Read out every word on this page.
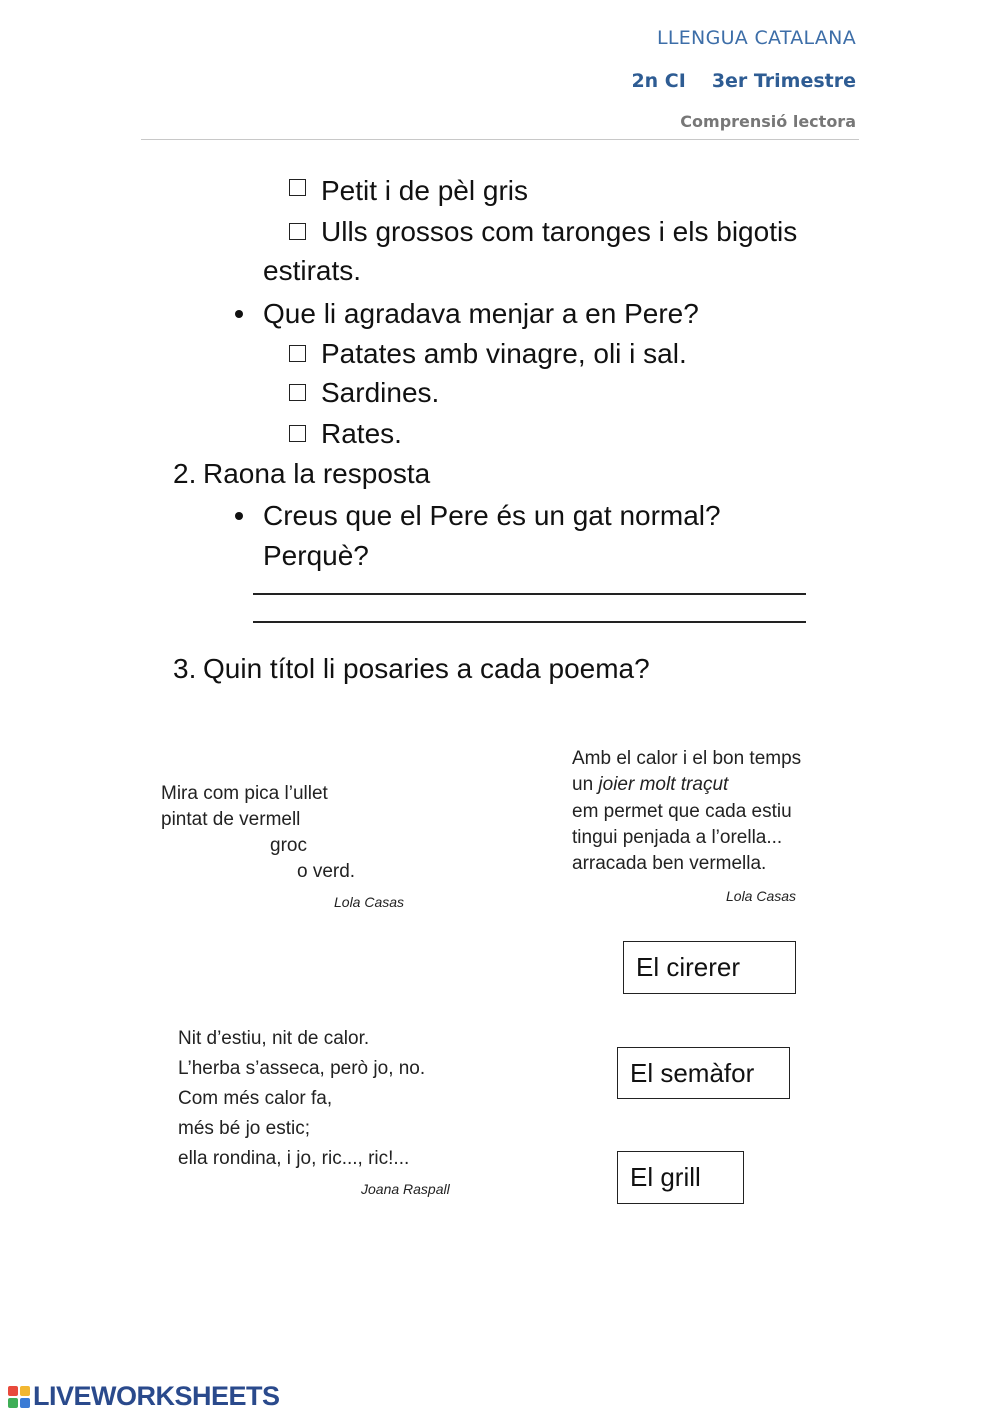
LLENGUA CATALANA
2n CI 3er Trimestre
Comprensió lectora
Petit i de pèl gris
Ulls grossos com taronges i els bigotis
estirats.
Que li agradava menjar a en Pere?
Patates amb vinagre, oli i sal.
Sardines.
Rates.
2. Raona la resposta
Creus que el Pere és un gat normal?
Perquè?
3. Quin títol li posaries a cada poema?
Mira com pica l’ullet
pintat de vermell
groc
o verd.
Lola Casas
Amb el calor i el bon temps
un joier molt traçut
em permet que cada estiu
tingui penjada a l’orella...
arracada ben vermella.
Lola Casas
Nit d’estiu, nit de calor.
L’herba s’asseca, però jo, no.
Com més calor fa,
més bé jo estic;
ella rondina, i jo, ric..., ric!...
Joana Raspall
El cirerer
El semàfor
El grill
LIVEWORKSHEETS
